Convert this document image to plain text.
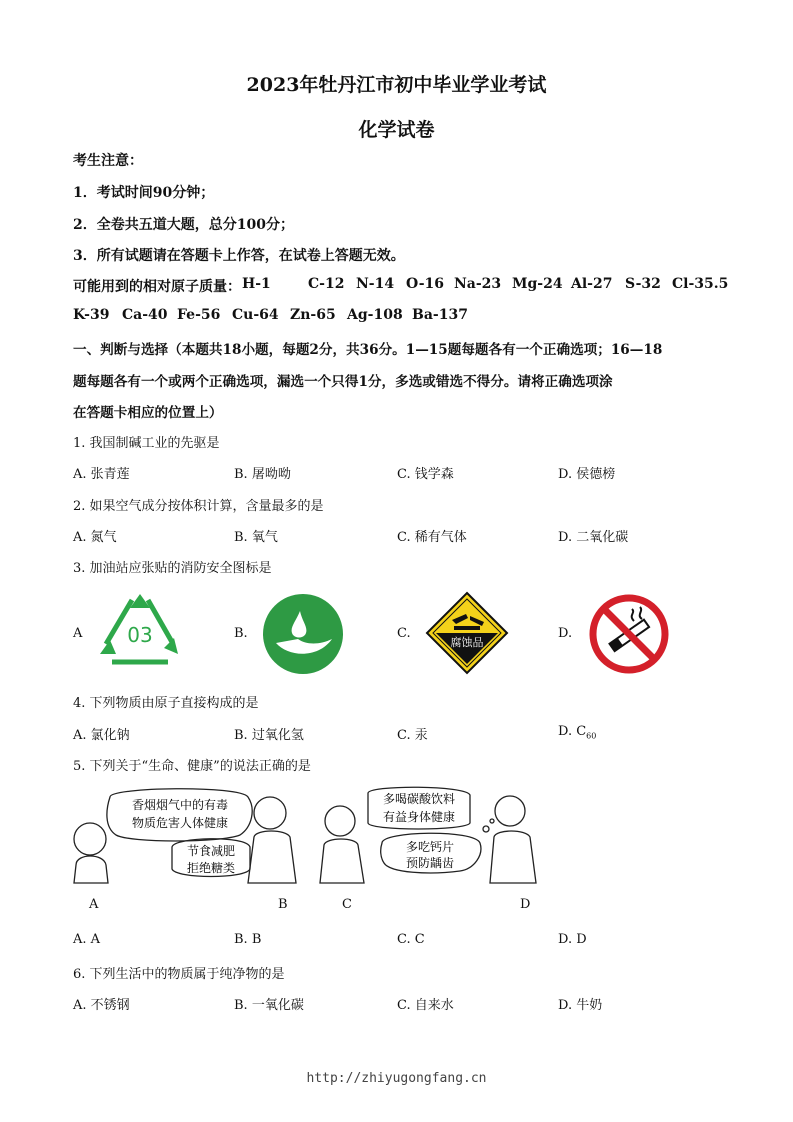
2023年牡丹江市初中毕业学业考试
化学试卷
考生注意：
1．考试时间90分钟；
2．全卷共五道大题，总分100分；
3．所有试题请在答题卡上作答，在试卷上答题无效。
可能用到的相对原子质量： H-1	C-12 N-14 O-16 Na-23 Mg-24 Al-27 S-32 Cl-35.5
K-39 Ca-40 Fe-56 Cu-64 Zn-65 Ag-108 Ba-137
一、判断与选择（本题共18小题，每题2分，共36分。1—15题每题各有一个正确选项；16—18
题每题各有一个或两个正确选项，漏选一个只得1分，多选或错选不得分。请将正确选项涂
在答题卡相应的位置上）
1. 我国制碱工业的先驱是
A. 张青莲	B. 屠呦呦	C. 钱学森	D. 侯德榜
2. 如果空气成分按体积计算，含量最多的是
A. 氮气	B. 氧气	C. 稀有气体	D. 二氧化碳
3. 加油站应张贴的消防安全图标是
A	B.	C.	D.
03	腐蚀品
4. 下列物质由原子直接构成的是
A. 氯化钠	B. 过氧化氢	C. 汞	D. $C_{60}$
5. 下列关于“生命、健康”的说法正确的是
香烟烟气中的有毒
物质危害人体健康
节食减肥
拒绝糖类
多喝碳酸饮料
有益身体健康
多吃钙片
预防龋齿
A	B	C	D
A. A	B. B	C. C	D. D
6. 下列生活中的物质属于纯净物的是
A. 不锈钢	B. 一氧化碳	C. 自来水	D. 牛奶
http://zhiyugongfang.cn
